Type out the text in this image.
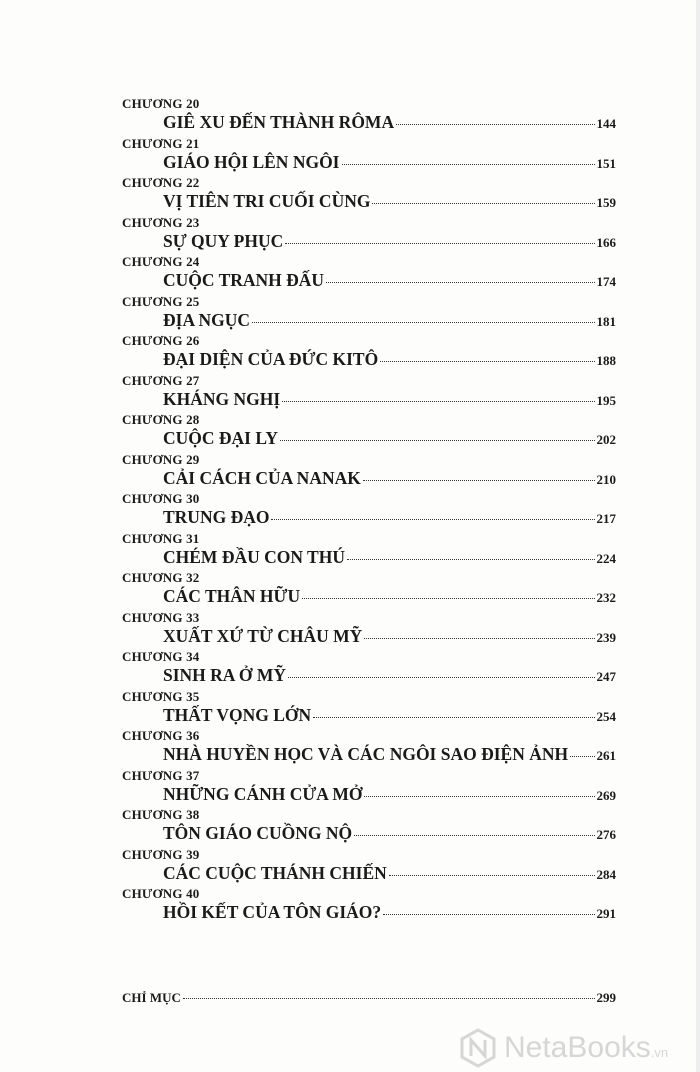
CHƯƠNG 20
GIÊ XU ĐẾN THÀNH RÔMA	144
CHƯƠNG 21
GIÁO HỘI LÊN NGÔI	151
CHƯƠNG 22
VỊ TIÊN TRI CUỐI CÙNG	159
CHƯƠNG 23
SỰ QUY PHỤC	166
CHƯƠNG 24
CUỘC TRANH ĐẤU	174
CHƯƠNG 25
ĐỊA NGỤC	181
CHƯƠNG 26
ĐẠI DIỆN CỦA ĐỨC KITÔ	188
CHƯƠNG 27
KHÁNG NGHỊ	195
CHƯƠNG 28
CUỘC ĐẠI LY	202
CHƯƠNG 29
CẢI CÁCH CỦA NANAK	210
CHƯƠNG 30
TRUNG ĐẠO	217
CHƯƠNG 31
CHÉM ĐẦU CON THÚ	224
CHƯƠNG 32
CÁC THÂN HỮU	232
CHƯƠNG 33
XUẤT XỨ TỪ CHÂU MỸ	239
CHƯƠNG 34
SINH RA Ở MỸ	247
CHƯƠNG 35
THẤT VỌNG LỚN	254
CHƯƠNG 36
NHÀ HUYỀN HỌC VÀ CÁC NGÔI SAO ĐIỆN ẢNH 261
CHƯƠNG 37
NHỮNG CÁNH CỬA MỞ	269
CHƯƠNG 38
TÔN GIÁO CUỒNG NỘ	276
CHƯƠNG 39
CÁC CUỘC THÁNH CHIẾN	284
CHƯƠNG 40
HỒI KẾT CỦA TÔN GIÁO?	291
CHỈ MỤC	299
NetaBooks .vn
